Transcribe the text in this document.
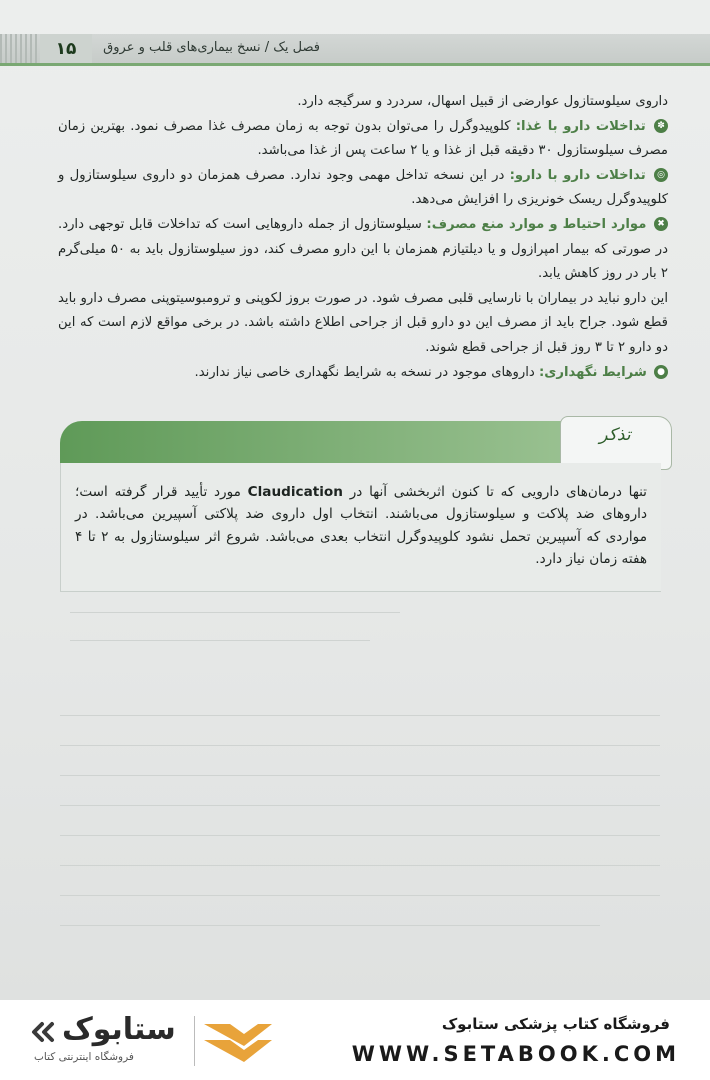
۱۵	فصل یک / نسخ بیماری‌های قلب و عروق

داروی سیلوستازول عوارضی از قبیل اسهال، سردرد و سرگیجه دارد.

✽ تداخلات دارو با غذا: کلوپیدوگرل را می‌توان بدون توجه به زمان مصرف غذا مصرف نمود. بهترین زمان مصرف سیلوستازول ۳۰ دقیقه قبل از غذا و یا ۲ ساعت پس از غذا می‌باشد.

◎ تداخلات دارو با دارو: در این نسخه تداخل مهمی وجود ندارد. مصرف همزمان دو داروی سیلوستازول و کلوپیدوگرل ریسک خونریزی را افزایش می‌دهد.

✖ موارد احتیاط و موارد منع مصرف: سیلوستازول از جمله داروهایی است که تداخلات قابل توجهی دارد. در صورتی که بیمار امپرازول و یا دیلتیازم همزمان با این دارو مصرف کند، دوز سیلوستازول باید به ۵۰ میلی‌گرم ۲ بار در روز کاهش یابد.

این دارو نباید در بیماران با نارسایی قلبی مصرف شود. در صورت بروز لکوپنی و ترومبوسیتوپنی مصرف دارو باید قطع شود. جراح باید از مصرف این دو دارو قبل از جراحی اطلاع داشته باشد. در برخی مواقع لازم است که این دو دارو ۲ تا ۳ روز قبل از جراحی قطع شوند.

● شرایط نگهداری: داروهای موجود در نسخه به شرایط نگهداری خاصی نیاز ندارند.

تذکر

تنها درمان‌های دارویی که تا کنون اثربخشی آنها در Claudication مورد تأیید قرار گرفته است؛ داروهای ضد پلاکت و سیلوستازول می‌باشند. انتخاب اول داروی ضد پلاکتی آسپیرین می‌باشد. در مواردی که آسپیرین تحمل نشود کلوپیدوگرل انتخاب بعدی می‌باشد. شروع اثر سیلوستازول به ۲ تا ۴ هفته زمان نیاز دارد.

ستابوک
فروشگاه اینترنتی کتاب
فروشگاه کتاب پزشکی ستابوک
WWW.SETABOOK.COM
